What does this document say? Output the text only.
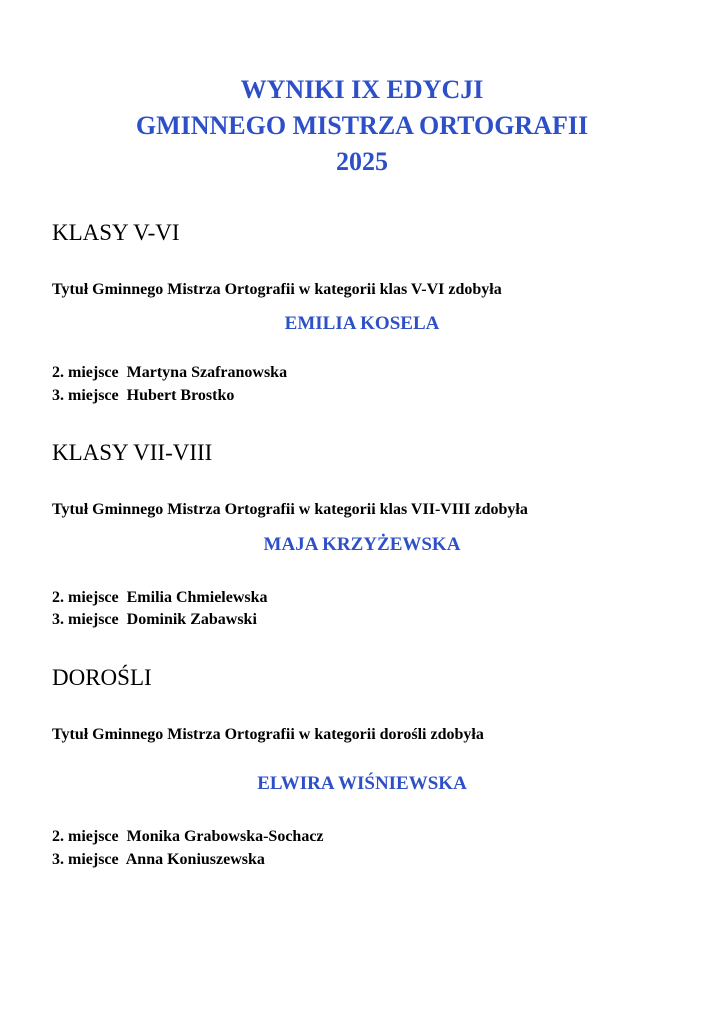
WYNIKI IX EDYCJI
GMINNEGO MISTRZA ORTOGRAFII
2025
KLASY V-VI
Tytuł Gminnego Mistrza Ortografii w kategorii klas V-VI zdobyła
EMILIA KOSELA
2. miejsce  Martyna Szafranowska
3. miejsce  Hubert Brostko
KLASY VII-VIII
Tytuł Gminnego Mistrza Ortografii w kategorii klas VII-VIII zdobyła
MAJA KRZYŻEWSKA
2. miejsce  Emilia Chmielewska
3. miejsce  Dominik Zabawski
DOROŚLI
Tytuł Gminnego Mistrza Ortografii w kategorii dorośli zdobyła
ELWIRA WIŚNIEWSKA
2. miejsce  Monika Grabowska-Sochacz
3. miejsce  Anna Koniuszewska
